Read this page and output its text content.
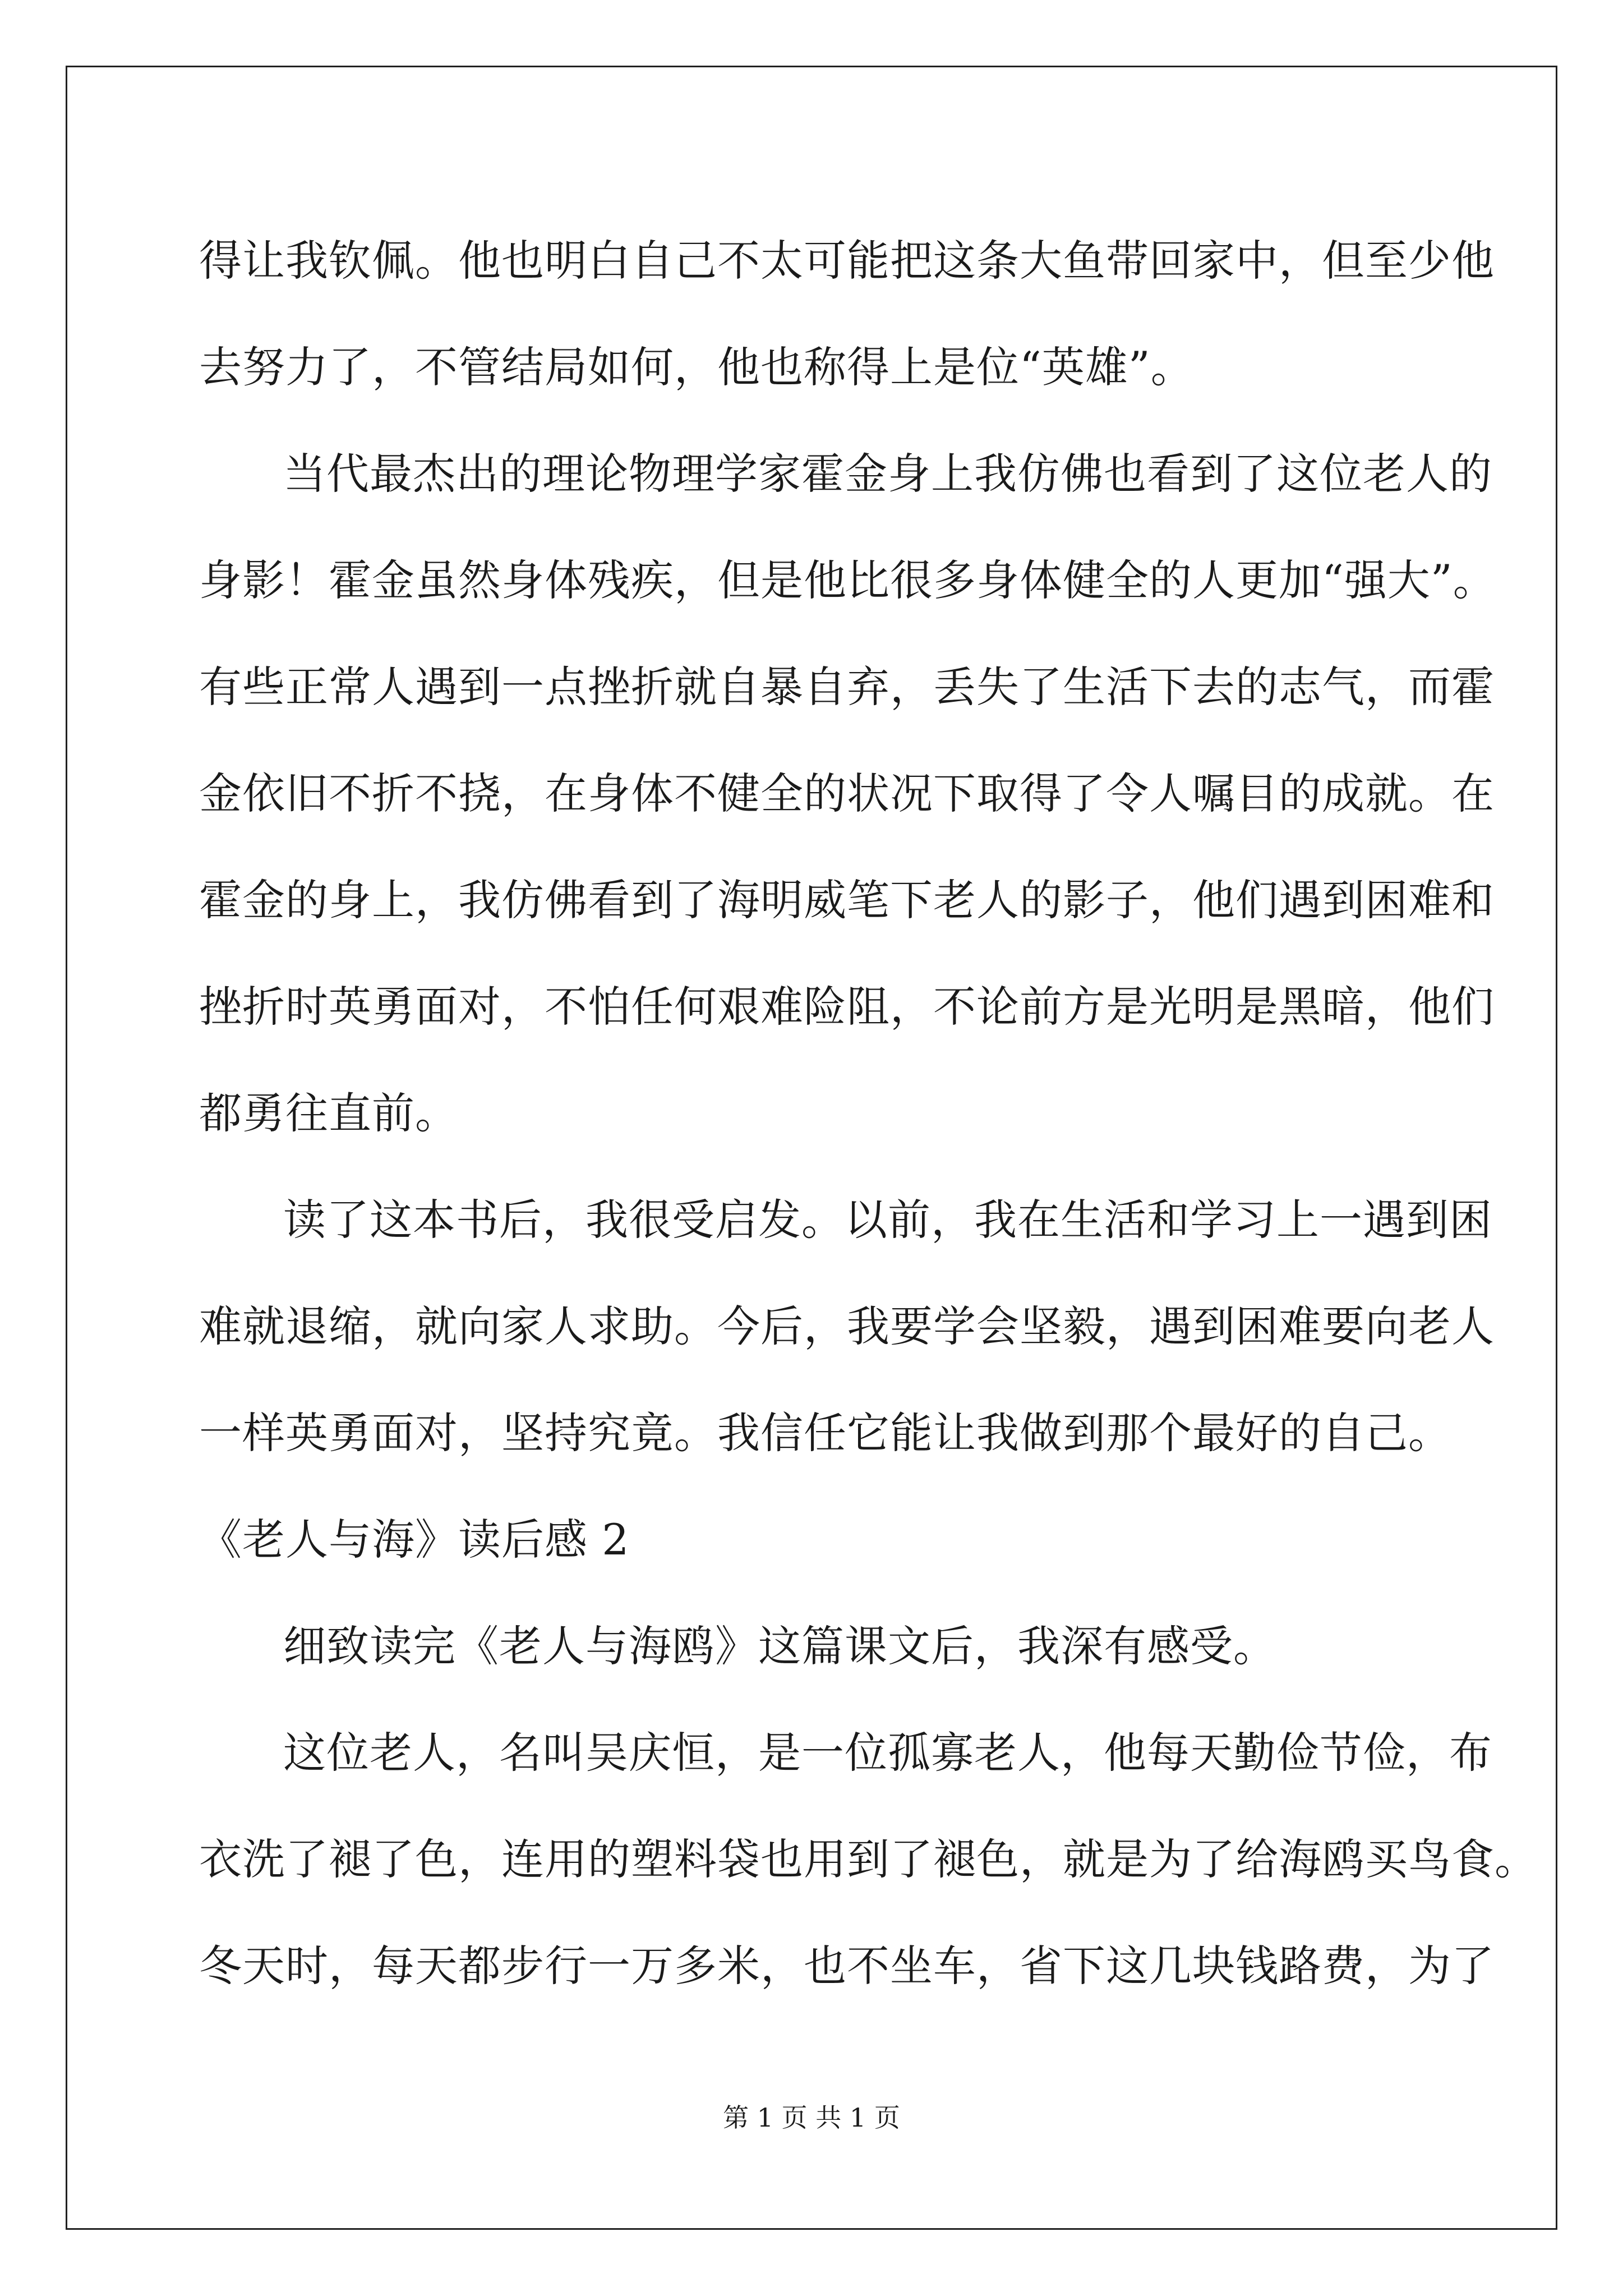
得让我钦佩。他也明白自己不太可能把这条大鱼带回家中，但至少他
去努力了，不管结局如何，他也称得上是位“英雄”。
当代最杰出的理论物理学家霍金身上我仿佛也看到了这位老人的
身影！霍金虽然身体残疾，但是他比很多身体健全的人更加“强大”。
有些正常人遇到一点挫折就自暴自弃，丢失了生活下去的志气，而霍
金依旧不折不挠，在身体不健全的状况下取得了令人嘱目的成就。在
霍金的身上，我仿佛看到了海明威笔下老人的影子，他们遇到困难和
挫折时英勇面对，不怕任何艰难险阻，不论前方是光明是黑暗，他们
都勇往直前。
读了这本书后，我很受启发。以前，我在生活和学习上一遇到困
难就退缩，就向家人求助。今后，我要学会坚毅，遇到困难要向老人
一样英勇面对，坚持究竟。我信任它能让我做到那个最好的自己。
《老人与海》读后感 2
细致读完《老人与海鸥》这篇课文后，我深有感受。
这位老人，名叫吴庆恒，是一位孤寡老人，他每天勤俭节俭，布
衣洗了褪了色，连用的塑料袋也用到了褪色，就是为了给海鸥买鸟食。
冬天时，每天都步行一万多米，也不坐车，省下这几块钱路费，为了
第 1 页 共 1 页
